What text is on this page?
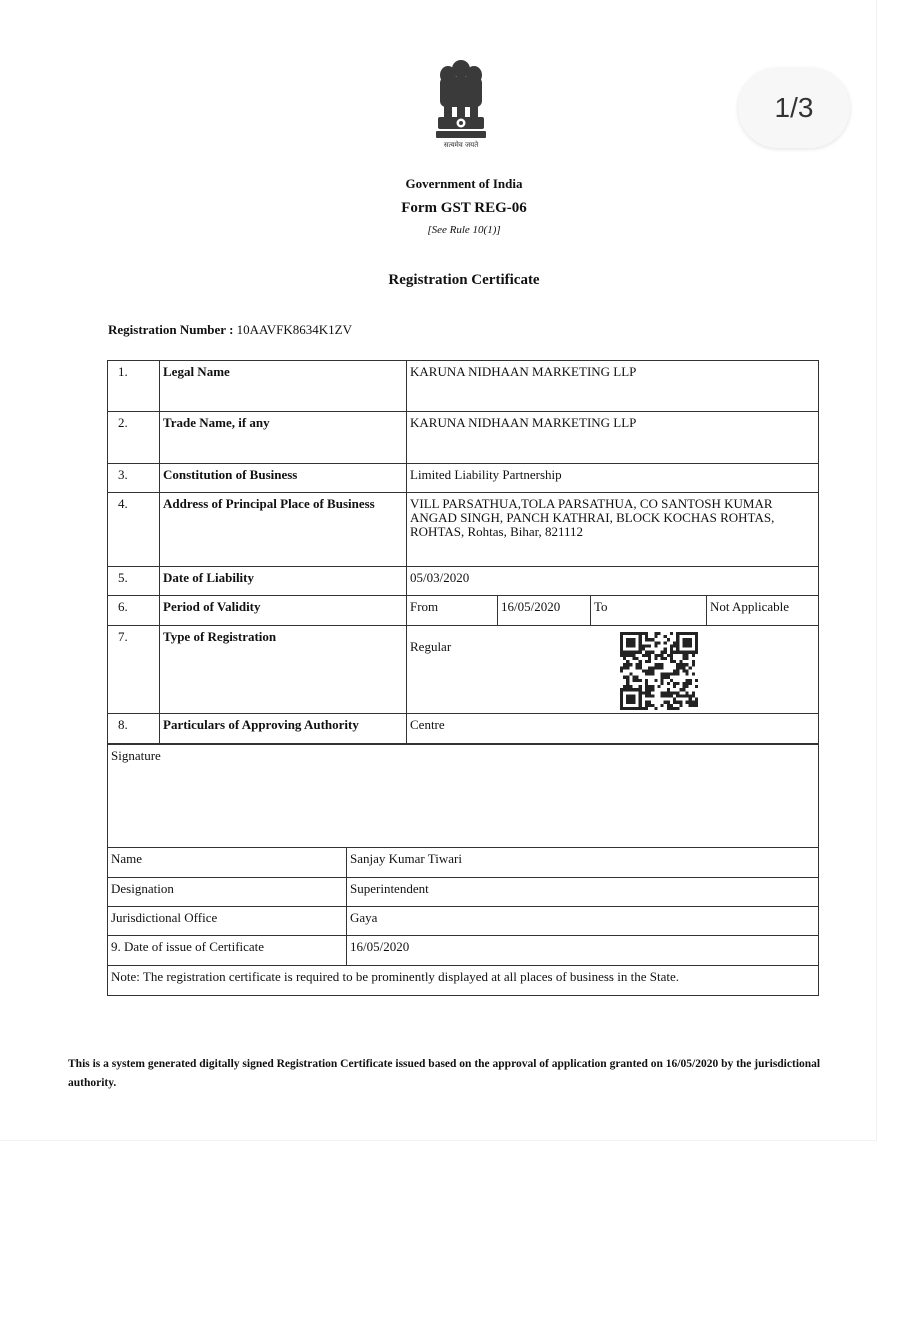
1/3
सत्यमेव जयते
Government of India
Form GST REG-06
[See Rule 10(1)]
Registration Certificate
Registration Number : 10AAVFK8634K1ZV
1.	Legal Name	KARUNA NIDHAAN MARKETING LLP			
2.	Trade Name, if any	KARUNA NIDHAAN MARKETING LLP			
3.	Constitution of Business	Limited Liability Partnership			
4.	Address of Principal Place of Business	VILL PARSATHUA,TOLA PARSATHUA, CO SANTOSH KUMAR ANGAD SINGH, PANCH KATHRAI, BLOCK KOCHAS ROHTAS, ROHTAS, Rohtas, Bihar, 821112			
5.	Date of Liability	05/03/2020			
6.	Period of Validity	From	16/05/2020	To	Not Applicable
7.	Type of Registration	Regular			

8.	Particulars of Approving Authority	Centre			
Signature	
Name	Sanjay Kumar Tiwari
Designation	Superintendent
Jurisdictional Office	Gaya
9. Date of issue of Certificate	16/05/2020
Note: The registration certificate is required to be prominently displayed at all places of business in the State.	
This is a system generated digitally signed Registration Certificate issued based on the approval of application granted on 16/05/2020 by the jurisdictional authority.
